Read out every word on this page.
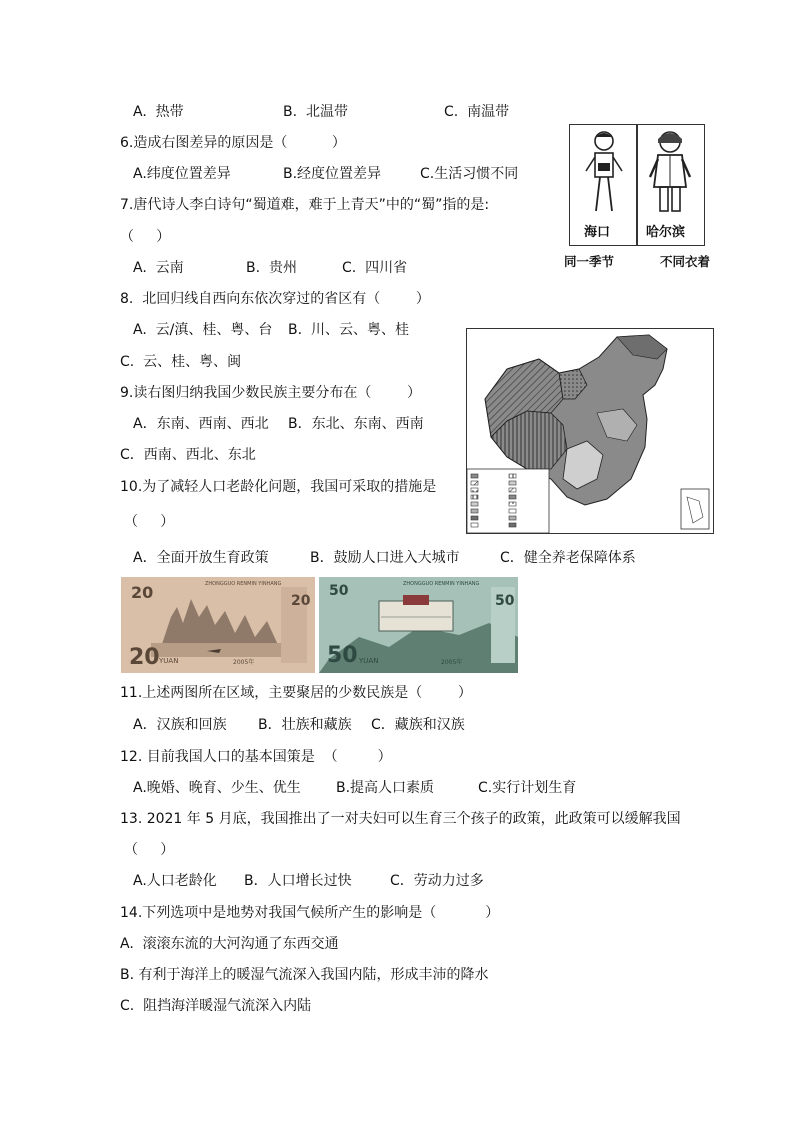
A.  热带	B.  北温带	C.  南温带
6.造成右图差异的原因是（          ）
A.纬度位置差异	B.经度位置差异	C.生活习惯不同
海口	哈尔滨
同一季节	不同衣着
7.唐代诗人李白诗句“蜀道难，难于上青天”中的“蜀”指的是:
（     ）
A.  云南	B.  贵州	C.  四川省
8.  北回归线自西向东依次穿过的省区有（        ）
A.  云/滇、桂、粤、台 B.  川、云、粤、桂
C.  云、桂、粤、闽
9.读右图归纳我国少数民族主要分布在（        ）
A．东南、西南、西北 B．东北、东南、西南
C．西南、西北、东北
10.为了减轻人口老龄化问题，我国可采取的措施是
（     ）
A．全面开放生育政策	B．鼓励人口进入大城市	C．健全养老保障体系
20	ZHONGGUO RENMIN YINHANG
20
20 YUAN	2005年
50	ZHONGGUO RENMIN YINHANG
50
50 YUAN	2005年
11.上述两图所在区域，主要聚居的少数民族是（        ）
A．汉族和回族 B．壮族和藏族 C．藏族和汉族
12. 目前我国人口的基本国策是  （         ）
A.晚婚、晚育、少生、优生	B.提高人口素质	C.实行计划生育
13. 2021 年 5 月底，我国推出了一对夫妇可以生育三个孩子的政策，此政策可以缓解我国
（     ）
A.人口老龄化 B．人口增长过快	C．劳动力过多
14.下列选项中是地势对我国气候所产生的影响是（           ）
A.  滚滚东流的大河沟通了东西交通
B. 有利于海洋上的暖湿气流深入我国内陆，形成丰沛的降水
C.  阻挡海洋暖湿气流深入内陆
